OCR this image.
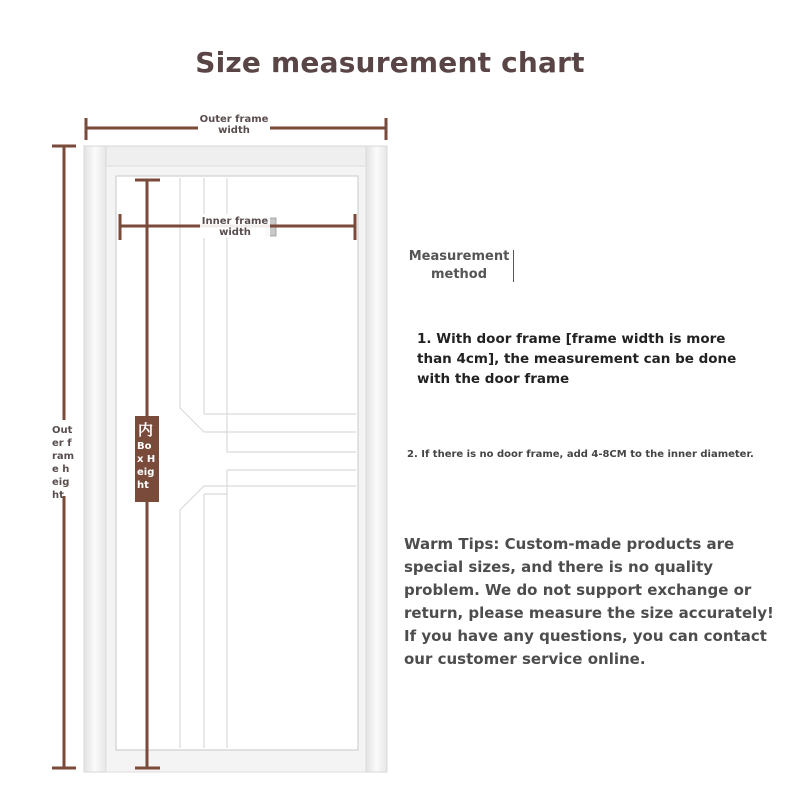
Size measurement chart
Outer frame width
Inner frame width
Outer frame height
内
Box Height
Measurement method
1. With door frame [frame width is more than 4cm], the measurement can be done with the door frame
2. If there is no door frame, add 4-8CM to the inner diameter.
Warm Tips: Custom-made products are special sizes, and there is no quality problem. We do not support exchange or return, please measure the size accurately! If you have any questions, you can contact our customer service online.
